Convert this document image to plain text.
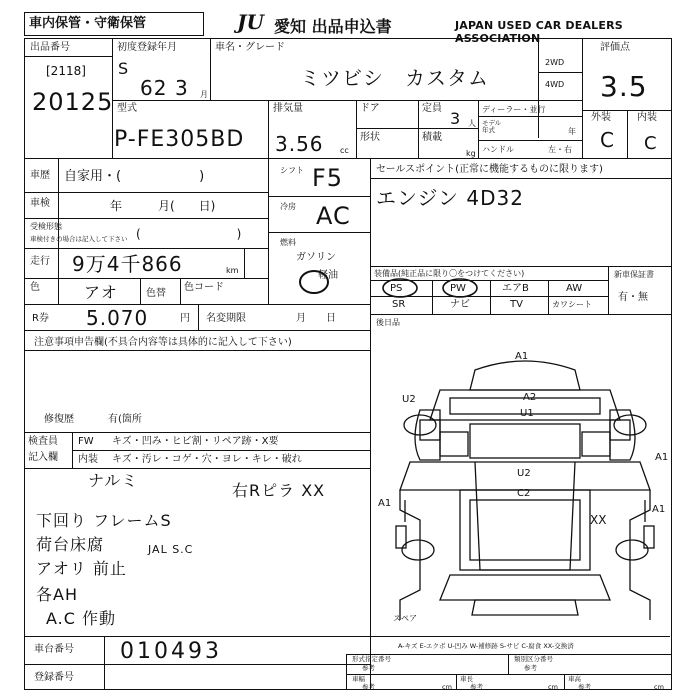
車内保管・守衛保管	JU 愛知 出品申込書	JAPAN USED CAR DEALERS ASSOCIATION
出品番号
[2118]
20125
初度登録年月
S
62 3 月
車名・グレード
ミツビシ　カスタム
2WD
4WD
評価点
3.5
外装	内装
C C
型式
P-FE305BD
排気量
3.56 cc
ドア
形状
定員
3 人
積載
kg
ディーラー・並行
モデル
年式	年
ハンドル	左・右
車歴 自家用・(　　　　　　)
車検	年　　　月(　　日)
受検形態
車検付きの場合は記入して下さい (　　　　　　　　)
走行 9万4千866	km
色	アオ	色替
色コード
シフト F5
冷房 AC
燃料
ガソリン
軽油
セールスポイント(正常に機能するものに限ります)
エンジン 4D32
装備品(純正品に限り〇をつけてください)
PS	PW	エアB	AW
SR	ナビ	TV	カワシート
新車保証書
有・無
R券 5.070	円 名変期限	月　　日	後日品
注意事項申告欄(不具合内容等は具体的に記入して下さい)
修復歴	有(箇所
検査員
記入欄
FW キズ・凹み・ヒビ割・リペア跡・X要
内装 キズ・汚レ・コゲ・穴・ヨレ・キレ・破れ
ナルミ
右Rピラ XX
下回り フレームS
荷台床腐
アオリ 前止
JAL S.C
各AH
A.C 作動
車台番号 010493
登録番号
A1
U2	A2
U1
A1
U2
C2
A1
XX
A1
スペア
A-キズ E-エクボ U-凹み W-補修跡 S-サビ C-腐食 XX-交換済
形式指定番号
参考
類別区分番号
参考
車幅
参考	cm
車長
参考	cm
車高
参考	cm
